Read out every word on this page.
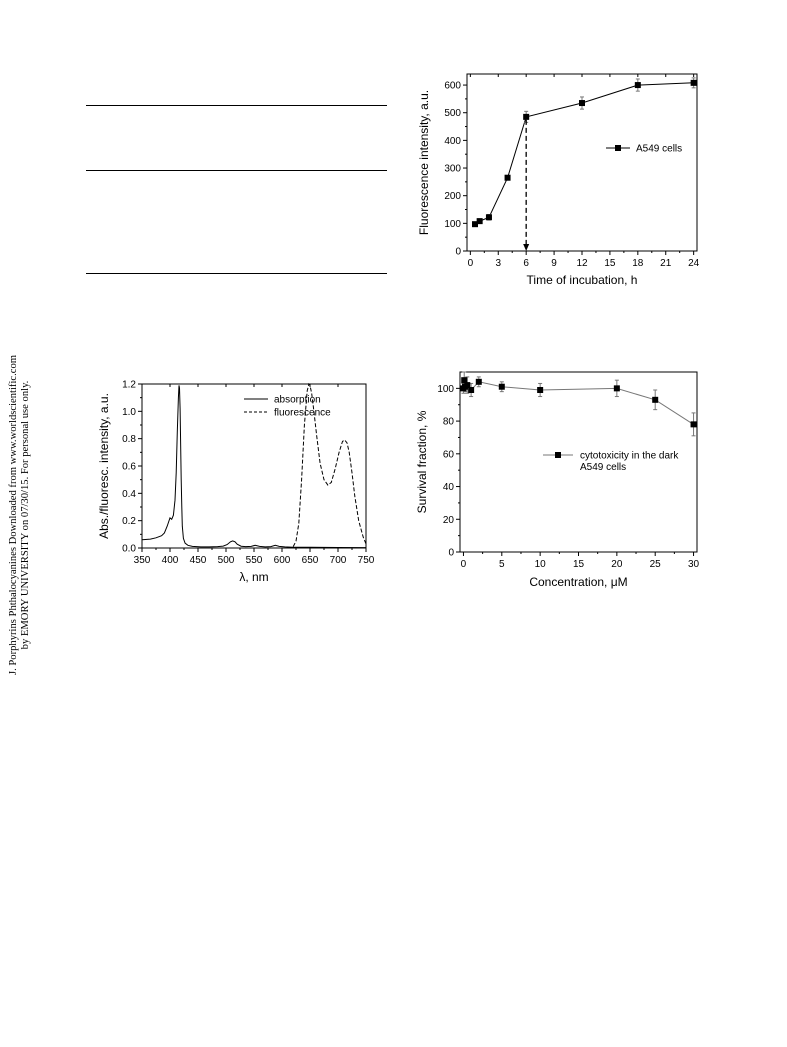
J. Porphyrins Phthalocyanines Downloaded from www.worldscientific.com by EMORY UNIVERSITY on 07/30/15. For personal use only.
0 3 6 9 12 15 18 21 24
0
100
200
300
400
500
600
A549 cells
Time of incubation, h
Fluorescence intensity, a.u.
350 400 450 500 550 600 650 700 750
0.0
0.2
0.4
0.6
0.8
1.0
1.2
absorption
fluorescence
λ, nm
Abs./fluoresc. intensity, a.u.
0	5	10	15	20	25	30
0
20
40
60
80
100
cytotoxicity in the dark
A549 cells
Concentration, μM
Survival fraction, %
